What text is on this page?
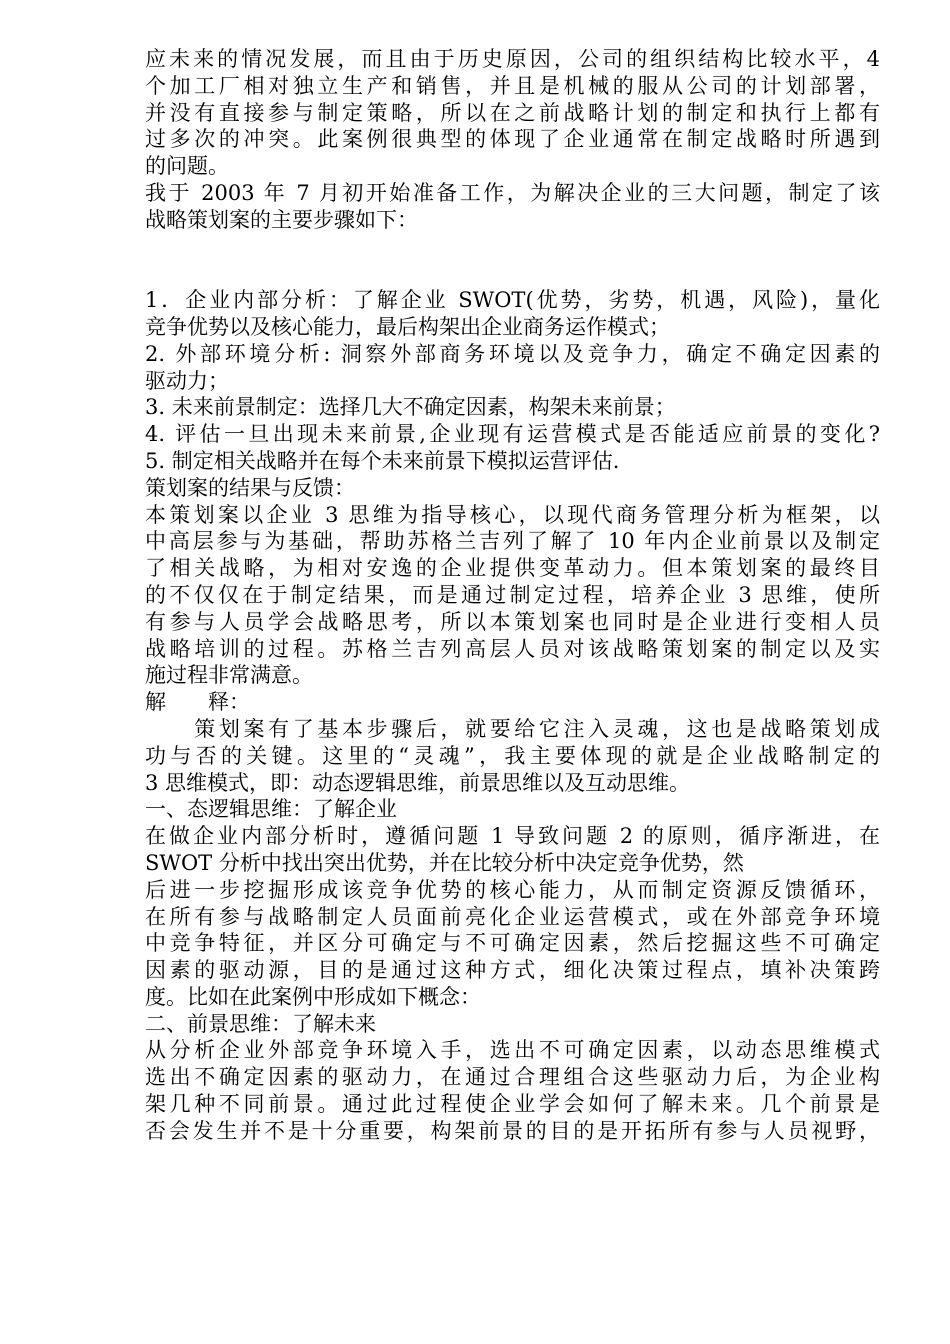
应未来的情况发展，而且由于历史原因，公司的组织结构比较水平，4
个加工厂相对独立生产和销售，并且是机械的服从公司的计划部署，
并没有直接参与制定策略，所以在之前战略计划的制定和执行上都有
过多次的冲突。此案例很典型的体现了企业通常在制定战略时所遇到
的问题。
我于 2003 年 7 月初开始准备工作，为解决企业的三大问题，制定了该
战略策划案的主要步骤如下：
1．企业内部分析：了解企业 SWOT(优势，劣势，机遇，风险)，量化
竞争优势以及核心能力，最后构架出企业商务运作模式；
2. 外部环境分析: 洞察外部商务环境以及竞争力，确定不确定因素的
驱动力；
3. 未来前景制定：选择几大不确定因素，构架未来前景；
4. 评估一旦出现未来前景,企业现有运营模式是否能适应前景的变化?
5. 制定相关战略并在每个未来前景下模拟运营评估.
策划案的结果与反馈：
本策划案以企业 3 思维为指导核心，以现代商务管理分析为框架，以
中高层参与为基础，帮助苏格兰吉列了解了 10 年内企业前景以及制定
了相关战略，为相对安逸的企业提供变革动力。但本策划案的最终目
的不仅仅在于制定结果，而是通过制定过程，培养企业 3 思维，使所
有参与人员学会战略思考，所以本策划案也同时是企业进行变相人员
战略培训的过程。苏格兰吉列高层人员对该战略策划案的制定以及实
施过程非常满意。
解　　释：
　　策划案有了基本步骤后，就要给它注入灵魂，这也是战略策划成
功与否的关键。这里的“灵魂”，我主要体现的就是企业战略制定的
3 思维模式，即：动态逻辑思维，前景思维以及互动思维。
一、态逻辑思维：了解企业
在做企业内部分析时，遵循问题 1 导致问题 2 的原则，循序渐进，在
SWOT 分析中找出突出优势，并在比较分析中决定竞争优势，然
后进一步挖掘形成该竞争优势的核心能力，从而制定资源反馈循环，
在所有参与战略制定人员面前亮化企业运营模式，或在外部竞争环境
中竞争特征，并区分可确定与不可确定因素，然后挖掘这些不可确定
因素的驱动源，目的是通过这种方式，细化决策过程点，填补决策跨
度。比如在此案例中形成如下概念：
二、前景思维：了解未来
从分析企业外部竞争环境入手，选出不可确定因素，以动态思维模式
选出不确定因素的驱动力，在通过合理组合这些驱动力后，为企业构
架几种不同前景。通过此过程使企业学会如何了解未来。几个前景是
否会发生并不是十分重要，构架前景的目的是开拓所有参与人员视野，
